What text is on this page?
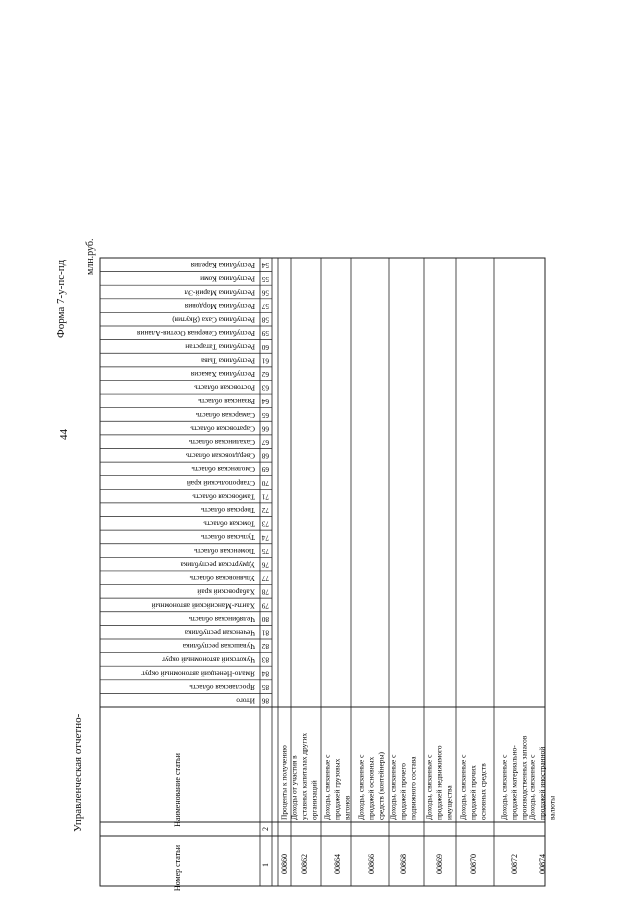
44
Форма 7-у-пс-пд
млн.руб.
Управленческая отчетно-
Республика Карелия 54
Республика Коми 55
Республика Марий-Эл 56
Республика Мордовия 57
Республика Саха (Якутия) 58
Республика Северная Осетия-Алания 59
Республика Татарстан 60
Республика Тыва 61
Республика Хакасия 62
Ростовская область 63
Рязанская область 64
Самарская область 65
Саратовская область 66
Сахалинская область 67
Свердловская область 68
Смоленская область 69
Ставропольский край 70
Тамбовская область 71
Тверская область 72
Томская область 73
Тульская область 74
Тюменская область 75
Удмуртская республика 76
Ульяновская область 77
Хабаровский край 78
Ханты-Мансийский автономный 79
Челябинская область 80
Чеченская республика 81
Чувашская республика 82
Чукотский автономный округ 83
Ямало-Ненецкий автономный округ 84
Ярославская область 85
Итого 86
Наименование статьи
Номер статьи
2
1 00860
Проценты к получению
00862
Доходы от участия в уставных капиталах других организаций
00864
Доходы, связанные с продажей грузовых вагонов
00866
Доходы, связанные с продажей основных средств (контейнеры)
00868
Доходы, связанные с продажей прочего подвижного состава
00869
Доходы, связанные с продажей недвижимого имущества
00870
Доходы, связанные с продажей прочих основных средств
00872
Доходы, связанные с продажей материально- производственных запасов
00874
Доходы, связанные с продажей иностранной валюты
